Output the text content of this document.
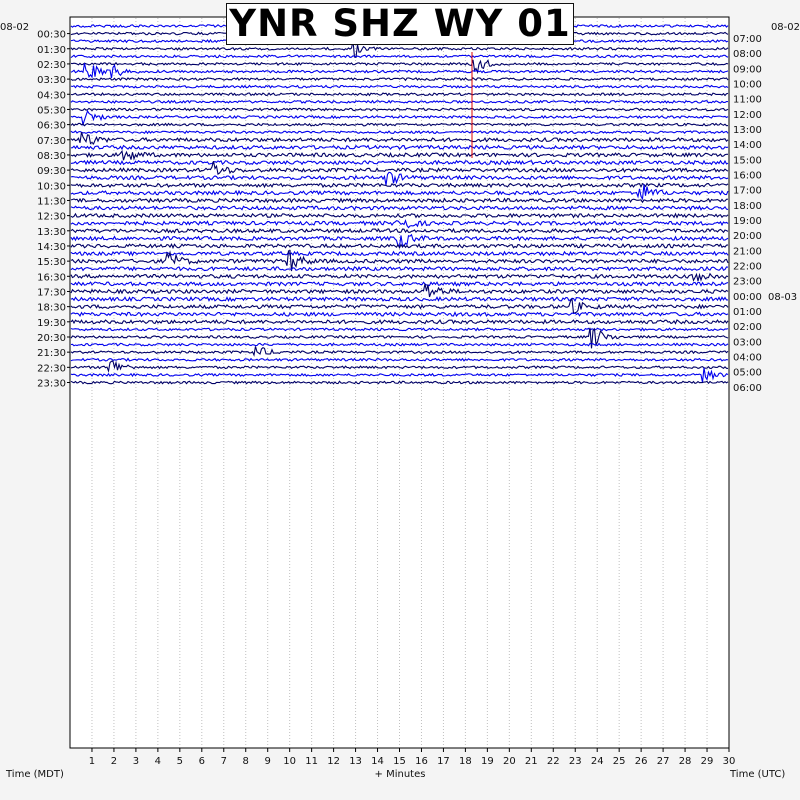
08-02	08-02
Time (MDT)	+ Minutes	Time (UTC)
00:30
01:30
02:30
03:30
04:30
05:30
06:30
07:30
08:30
09:30
10:30
11:30
12:30
13:30
14:30
15:30
16:30
17:30
18:30
19:30
20:30
21:30
22:30
23:30
07:00
08:00
09:00
10:00
11:00
12:00
13:00
14:00
15:00
16:00
17:00
18:00
19:00
20:00
21:00
22:00
23:00
00:00 08-03
01:00
02:00
03:00
04:00
05:00
06:00
1 2 3 4 5 6 7 8 9 10 11 12 13 14 15 16 17 18 19 20 21 22 23 24 25 26 27 28 29 30
YNR SHZ WY 01
